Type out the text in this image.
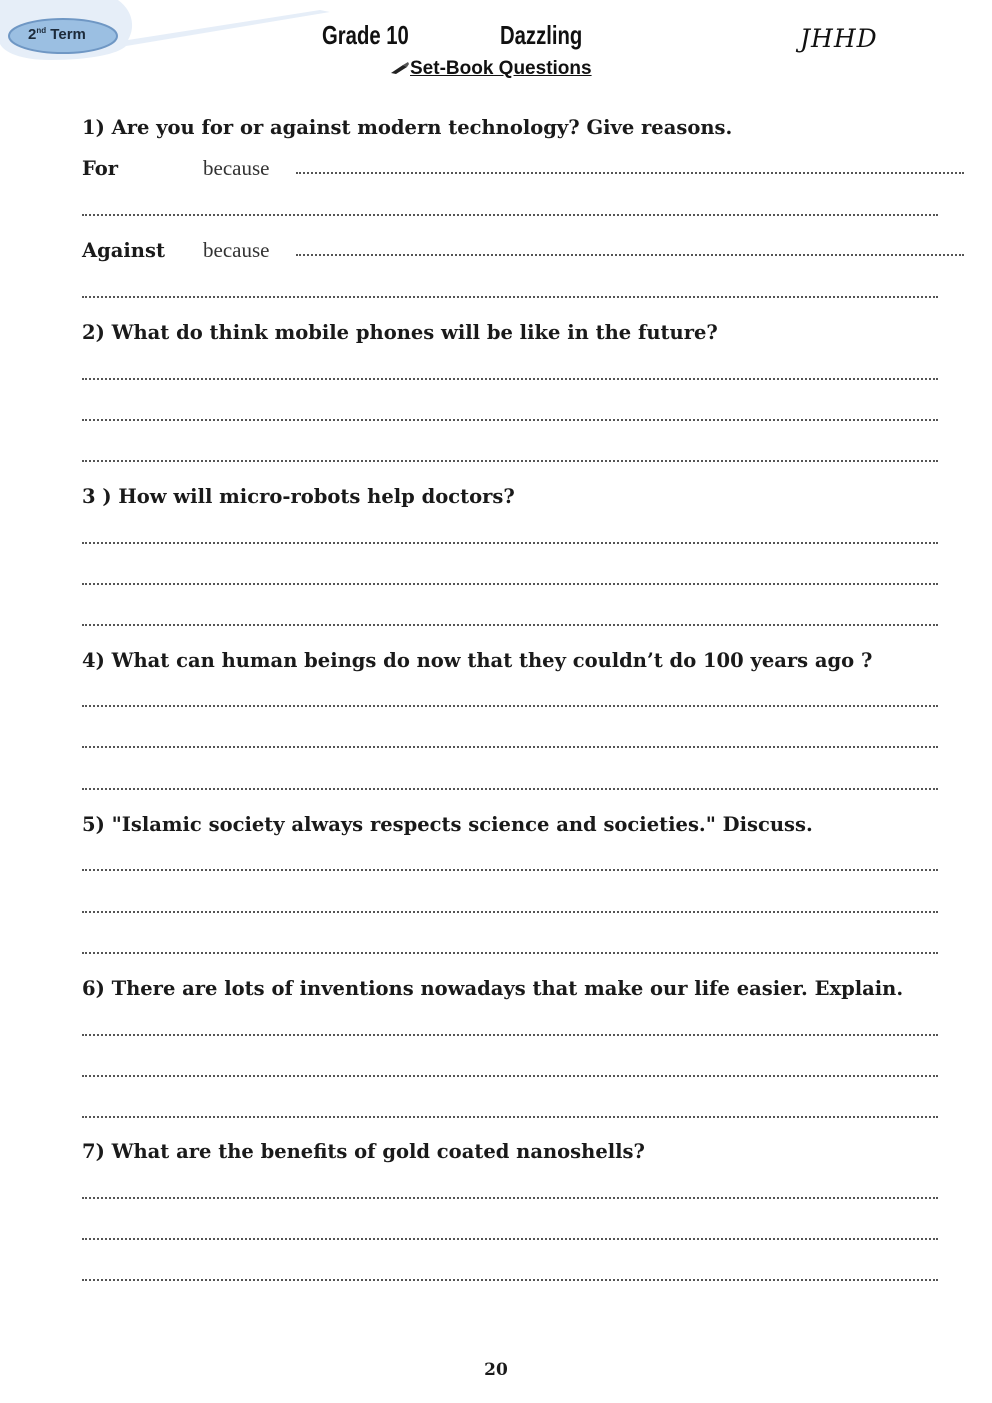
2nd Term	Grade 10	Dazzling	JHHD
Set-Book Questions
1) Are you for or against modern technology? Give reasons.
For	because
Against because
2) What do think mobile phones will be like in the future?
3 ) How will micro-robots help doctors?
4) What can human beings do now that they couldn’t do 100 years ago ?
5) "Islamic society always respects science and societies." Discuss.
6) There are lots of inventions nowadays that make our life easier. Explain.
7) What are the benefits of gold coated nanoshells?
20
